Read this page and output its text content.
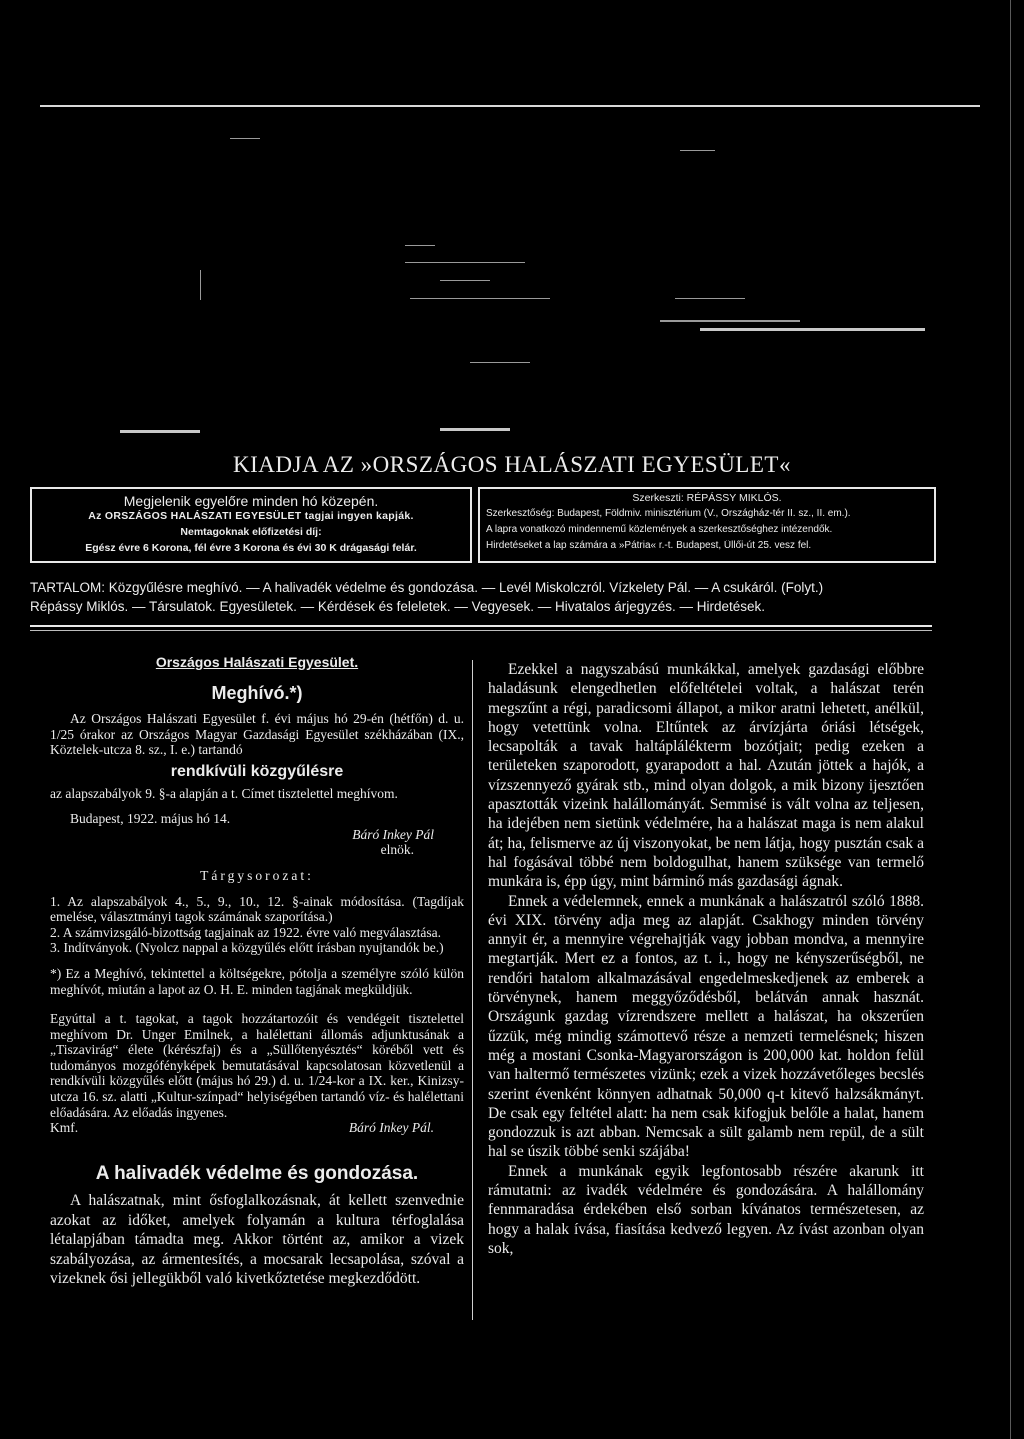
KIADJA AZ »ORSZÁGOS HALÁSZATI EGYESÜLET«
Megjelenik egyelőre minden hó közepén.
Az ORSZÁGOS HALÁSZATI EGYESÜLET tagjai ingyen kapják.
Nemtagoknak előfizetési díj:
Egész évre 6 Korona, fél évre 3 Korona és évi 30 K drágasági felár.
Szerkeszti: RÉPÁSSY MIKLÓS.
Szerkesztőség: Budapest, Földmiv. minisztérium (V., Országház-tér II. sz., II. em.).
A lapra vonatkozó mindennemű közlemények a szerkesztőséghez intézendők.
Hirdetéseket a lap számára a »Pátria« r.-t. Budapest, Üllői-út 25. vesz fel.

TARTALOM: Közgyűlésre meghívó. — A halivadék védelme és gondozása. — Levél Miskolczról. Vízkelety Pál. — A csukáról. (Folyt.)

Répássy Miklós. — Társulatok. Egyesületek. — Kérdések és feleletek. — Vegyesek. — Hivatalos árjegyzés. — Hirdetések.

Országos Halászati Egyesület.

Meghívó.*)

Az Országos Halászati Egyesület f. évi május hó 29-én (hétfőn) d. u. 1/25 órakor az Országos Magyar Gazdasági Egyesület székházában (IX., Köztelek-utcza 8. sz., I. e.) tartandó

rendkívüli közgyűlésre

az alapszabályok 9. §-a alapján a t. Címet tisztelettel meghívom.

Budapest, 1922. május hó 14.

Báró Inkey Pál

elnök.

Tárgysorozat:

1. Az alapszabályok 4., 5., 9., 10., 12. §-ainak módosítása. (Tagdíjak emelése, választmányi tagok számának szaporítása.)

2. A számvizsgáló-bizottság tagjainak az 1922. évre való megválasztása.

3. Indítványok. (Nyolcz nappal a közgyűlés előtt írásban nyujtandók be.)

*) Ez a Meghívó, tekintettel a költségekre, pótolja a személyre szóló külön meghívót, miután a lapot az O. H. E. minden tagjának megküldjük.

Egyúttal a t. tagokat, a tagok hozzátartozóit és vendégeit tisztelettel meghívom Dr. Unger Emilnek, a halélettani állomás adjunktusának a „Tiszavirág“ élete (kérészfaj) és a „Süllőtenyésztés“ köréből vett és tudományos mozgófényképek bemutatásával kapcsolatosan közvetlenül a rendkívüli közgyűlés előtt (május hó 29.) d. u. 1/24-kor a IX. ker., Kinizsy-utcza 16. sz. alatti „Kultur-színpad“ helyiségében tartandó víz- és halélettani előadására. Az előadás ingyenes.

Kmf.	Báró Inkey Pál.

A halivadék védelme és gondozása.

A halászatnak, mint ősfoglalkozásnak, át kellett szenvednie azokat az időket, amelyek folyamán a kultura térfoglalása létalapjában támadta meg. Akkor történt az, amikor a vizek szabályozása, az ármentesítés, a mocsarak lecsapolása, szóval a vizeknek ősi jellegükből való kivetkőztetése megkezdődött.

Ezekkel a nagyszabású munkákkal, amelyek gazdasági előbbre haladásunk elengedhetlen előfeltételei voltak, a halászat terén megszűnt a régi, paradicsomi állapot, a mikor aratni lehetett, anélkül, hogy vetettünk volna. Eltűntek az árvízjárta óriási létségek, lecsapolták a tavak haltáplálékterm bozótjait; pedig ezeken a területeken szaporodott, gyarapodott a hal. Azután jöttek a hajók, a vízszennyező gyárak stb., mind olyan dolgok, a mik bizony ijesztően apasztották vizeink halállományát. Semmisé is vált volna az teljesen, ha idejében nem sietünk védelmére, ha a halászat maga is nem alakul át; ha, felismerve az új viszonyokat, be nem látja, hogy pusztán csak a hal fogásával többé nem boldogulhat, hanem szüksége van termelő munkára is, épp úgy, mint bárminő más gazdasági ágnak.

Ennek a védelemnek, ennek a munkának a halászatról szóló 1888. évi XIX. törvény adja meg az alapját. Csakhogy minden törvény annyit ér, a mennyire végrehajtják vagy jobban mondva, a mennyire megtartják. Mert ez a fontos, az t. i., hogy ne kényszerűségből, ne rendőri hatalom alkalmazásával engedelmeskedjenek az emberek a törvénynek, hanem meggyőződésből, belátván annak hasznát. Országunk gazdag vízrendszere mellett a halászat, ha okszerűen űzzük, még mindig számottevő része a nemzeti termelésnek; hiszen még a mostani Csonka-Magyarországon is 200,000 kat. holdon felül van haltermő természetes vizünk; ezek a vizek hozzávetőleges becslés szerint évenként könnyen adhatnak 50,000 q-t kitevő halzsákmányt. De csak egy feltétel alatt: ha nem csak kifogjuk belőle a halat, hanem gondozzuk is azt abban. Nemcsak a sült galamb nem repül, de a sült hal se úszik többé senki szájába!

Ennek a munkának egyik legfontosabb részére akarunk itt rámutatni: az ivadék védelmére és gondozására. A halállomány fennmaradása érdekében első sorban kívánatos természetesen, az hogy a halak ívása, fiasítása kedvező legyen. Az ívást azonban olyan sok,
